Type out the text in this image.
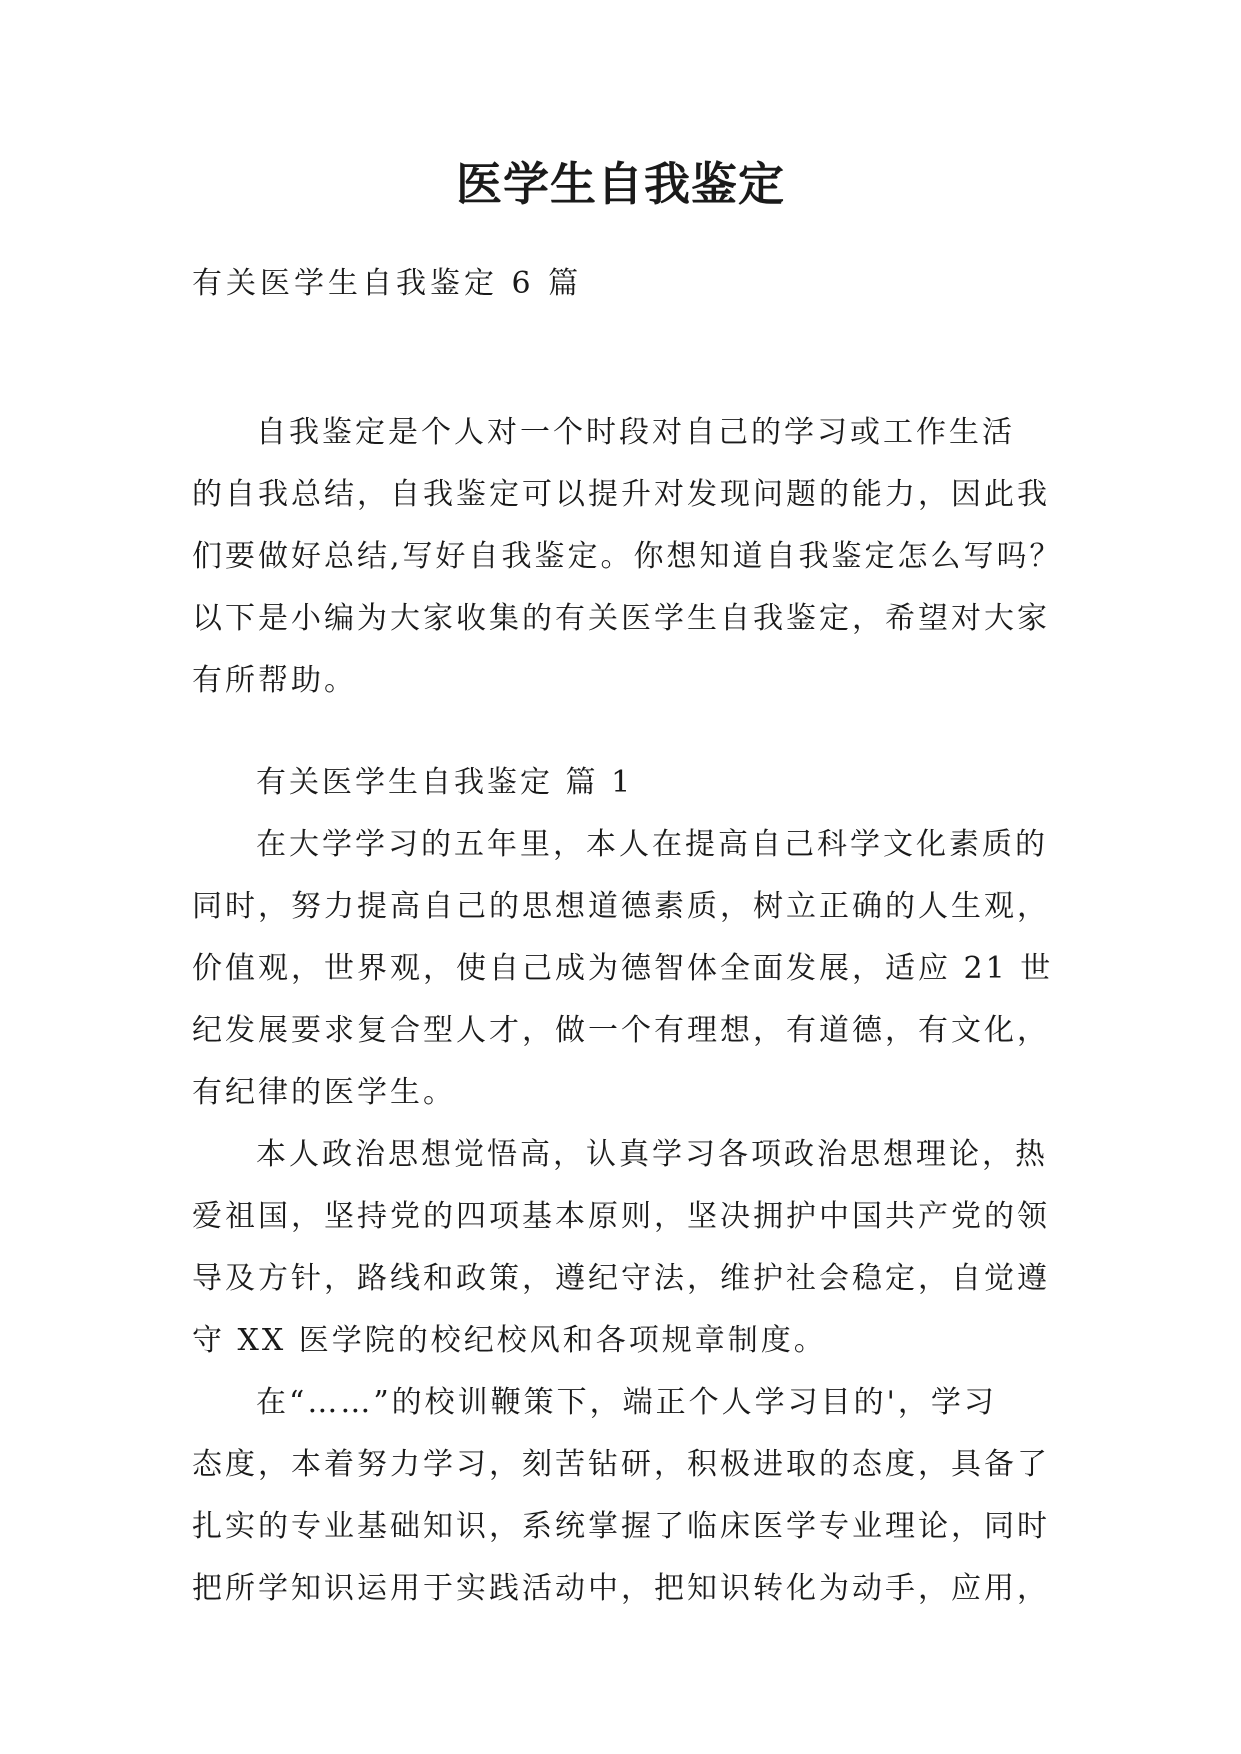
医学生自我鉴定
有关医学生自我鉴定 6 篇
自我鉴定是个人对一个时段对自己的学习或工作生活
的自我总结，自我鉴定可以提升对发现问题的能力，因此我
们要做好总结,写好自我鉴定。你想知道自我鉴定怎么写吗？
以下是小编为大家收集的有关医学生自我鉴定，希望对大家
有所帮助。
有关医学生自我鉴定 篇 1
在大学学习的五年里，本人在提高自己科学文化素质的
同时，努力提高自己的思想道德素质，树立正确的人生观，
价值观，世界观，使自己成为德智体全面发展，适应 21 世
纪发展要求复合型人才，做一个有理想，有道德，有文化，
有纪律的医学生。
本人政治思想觉悟高，认真学习各项政治思想理论，热
爱祖国，坚持党的四项基本原则，坚决拥护中国共产党的领
导及方针，路线和政策，遵纪守法，维护社会稳定，自觉遵
守 XX 医学院的校纪校风和各项规章制度。
在“……”的校训鞭策下，端正个人学习目的'，学习
态度，本着努力学习，刻苦钻研，积极进取的态度，具备了
扎实的专业基础知识，系统掌握了临床医学专业理论，同时
把所学知识运用于实践活动中，把知识转化为动手，应用，
